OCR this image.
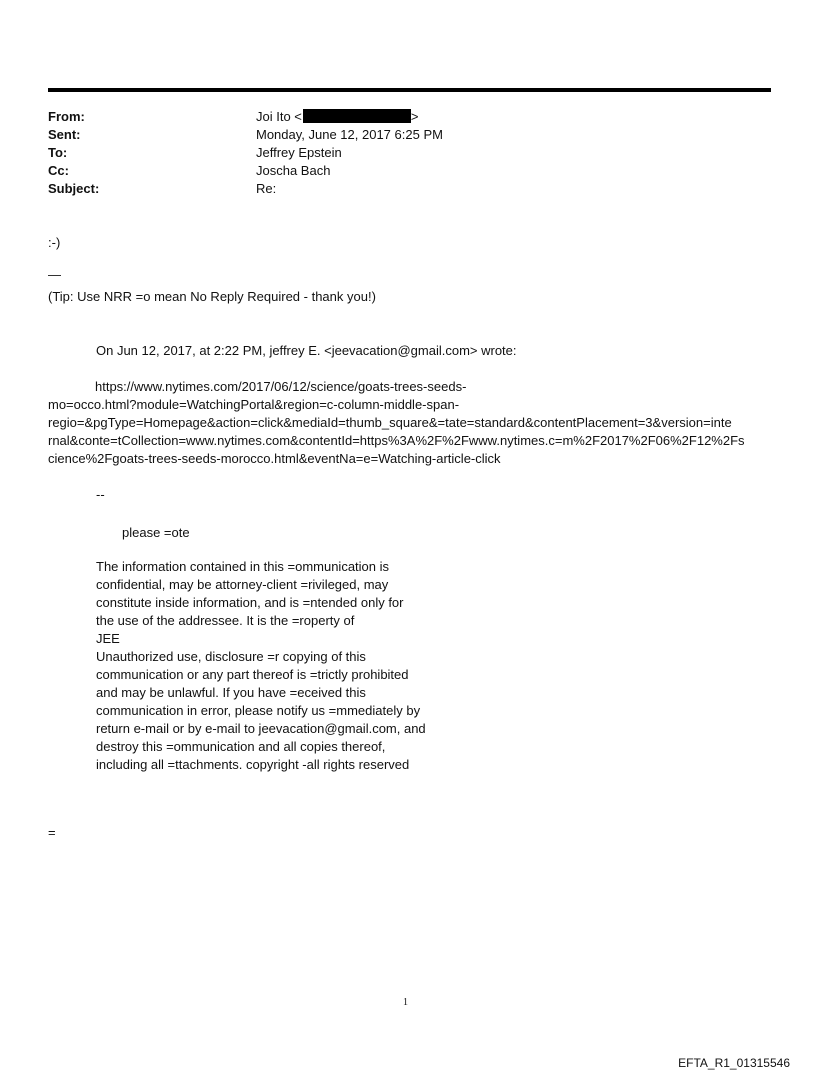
From:	Joi Ito <	>
Sent:	Monday, June 12, 2017 6:25 PM
To:	Jeffrey Epstein
Cc:	Joscha Bach
Subject:	Re:
:-)
—
(Tip: Use NRR =o mean No Reply Required - thank you!)
On Jun 12, 2017, at 2:22 PM, jeffrey E. <jeevacation@gmail.com> wrote:
https://www.nytimes.com/2017/06/12/science/goats-trees-seeds-
mo=occo.html?module=WatchingPortal&region=c-column-middle-span-
regio=&pgType=Homepage&action=click&mediaId=thumb_square&=tate=standard&contentPlacement=3&version=inte
rnal&conte=tCollection=www.nytimes.com&contentId=https%3A%2F%2Fwww.nytimes.c=m%2F2017%2F06%2F12%2Fs
cience%2Fgoats-trees-seeds-morocco.html&eventNa=e=Watching-article-click
--
please =ote
The information contained in this =ommunication is
confidential, may be attorney-client =rivileged, may
constitute inside information, and is =ntended only for
the use of the addressee. It is the =roperty of
JEE
Unauthorized use, disclosure =r copying of this
communication or any part thereof is =trictly prohibited
and may be unlawful. If you have =eceived this
communication in error, please notify us =mmediately by
return e-mail or by e-mail to jeevacation@gmail.com, and
destroy this =ommunication and all copies thereof,
including all =ttachments. copyright -all rights reserved
=
1
EFTA_R1_01315546
